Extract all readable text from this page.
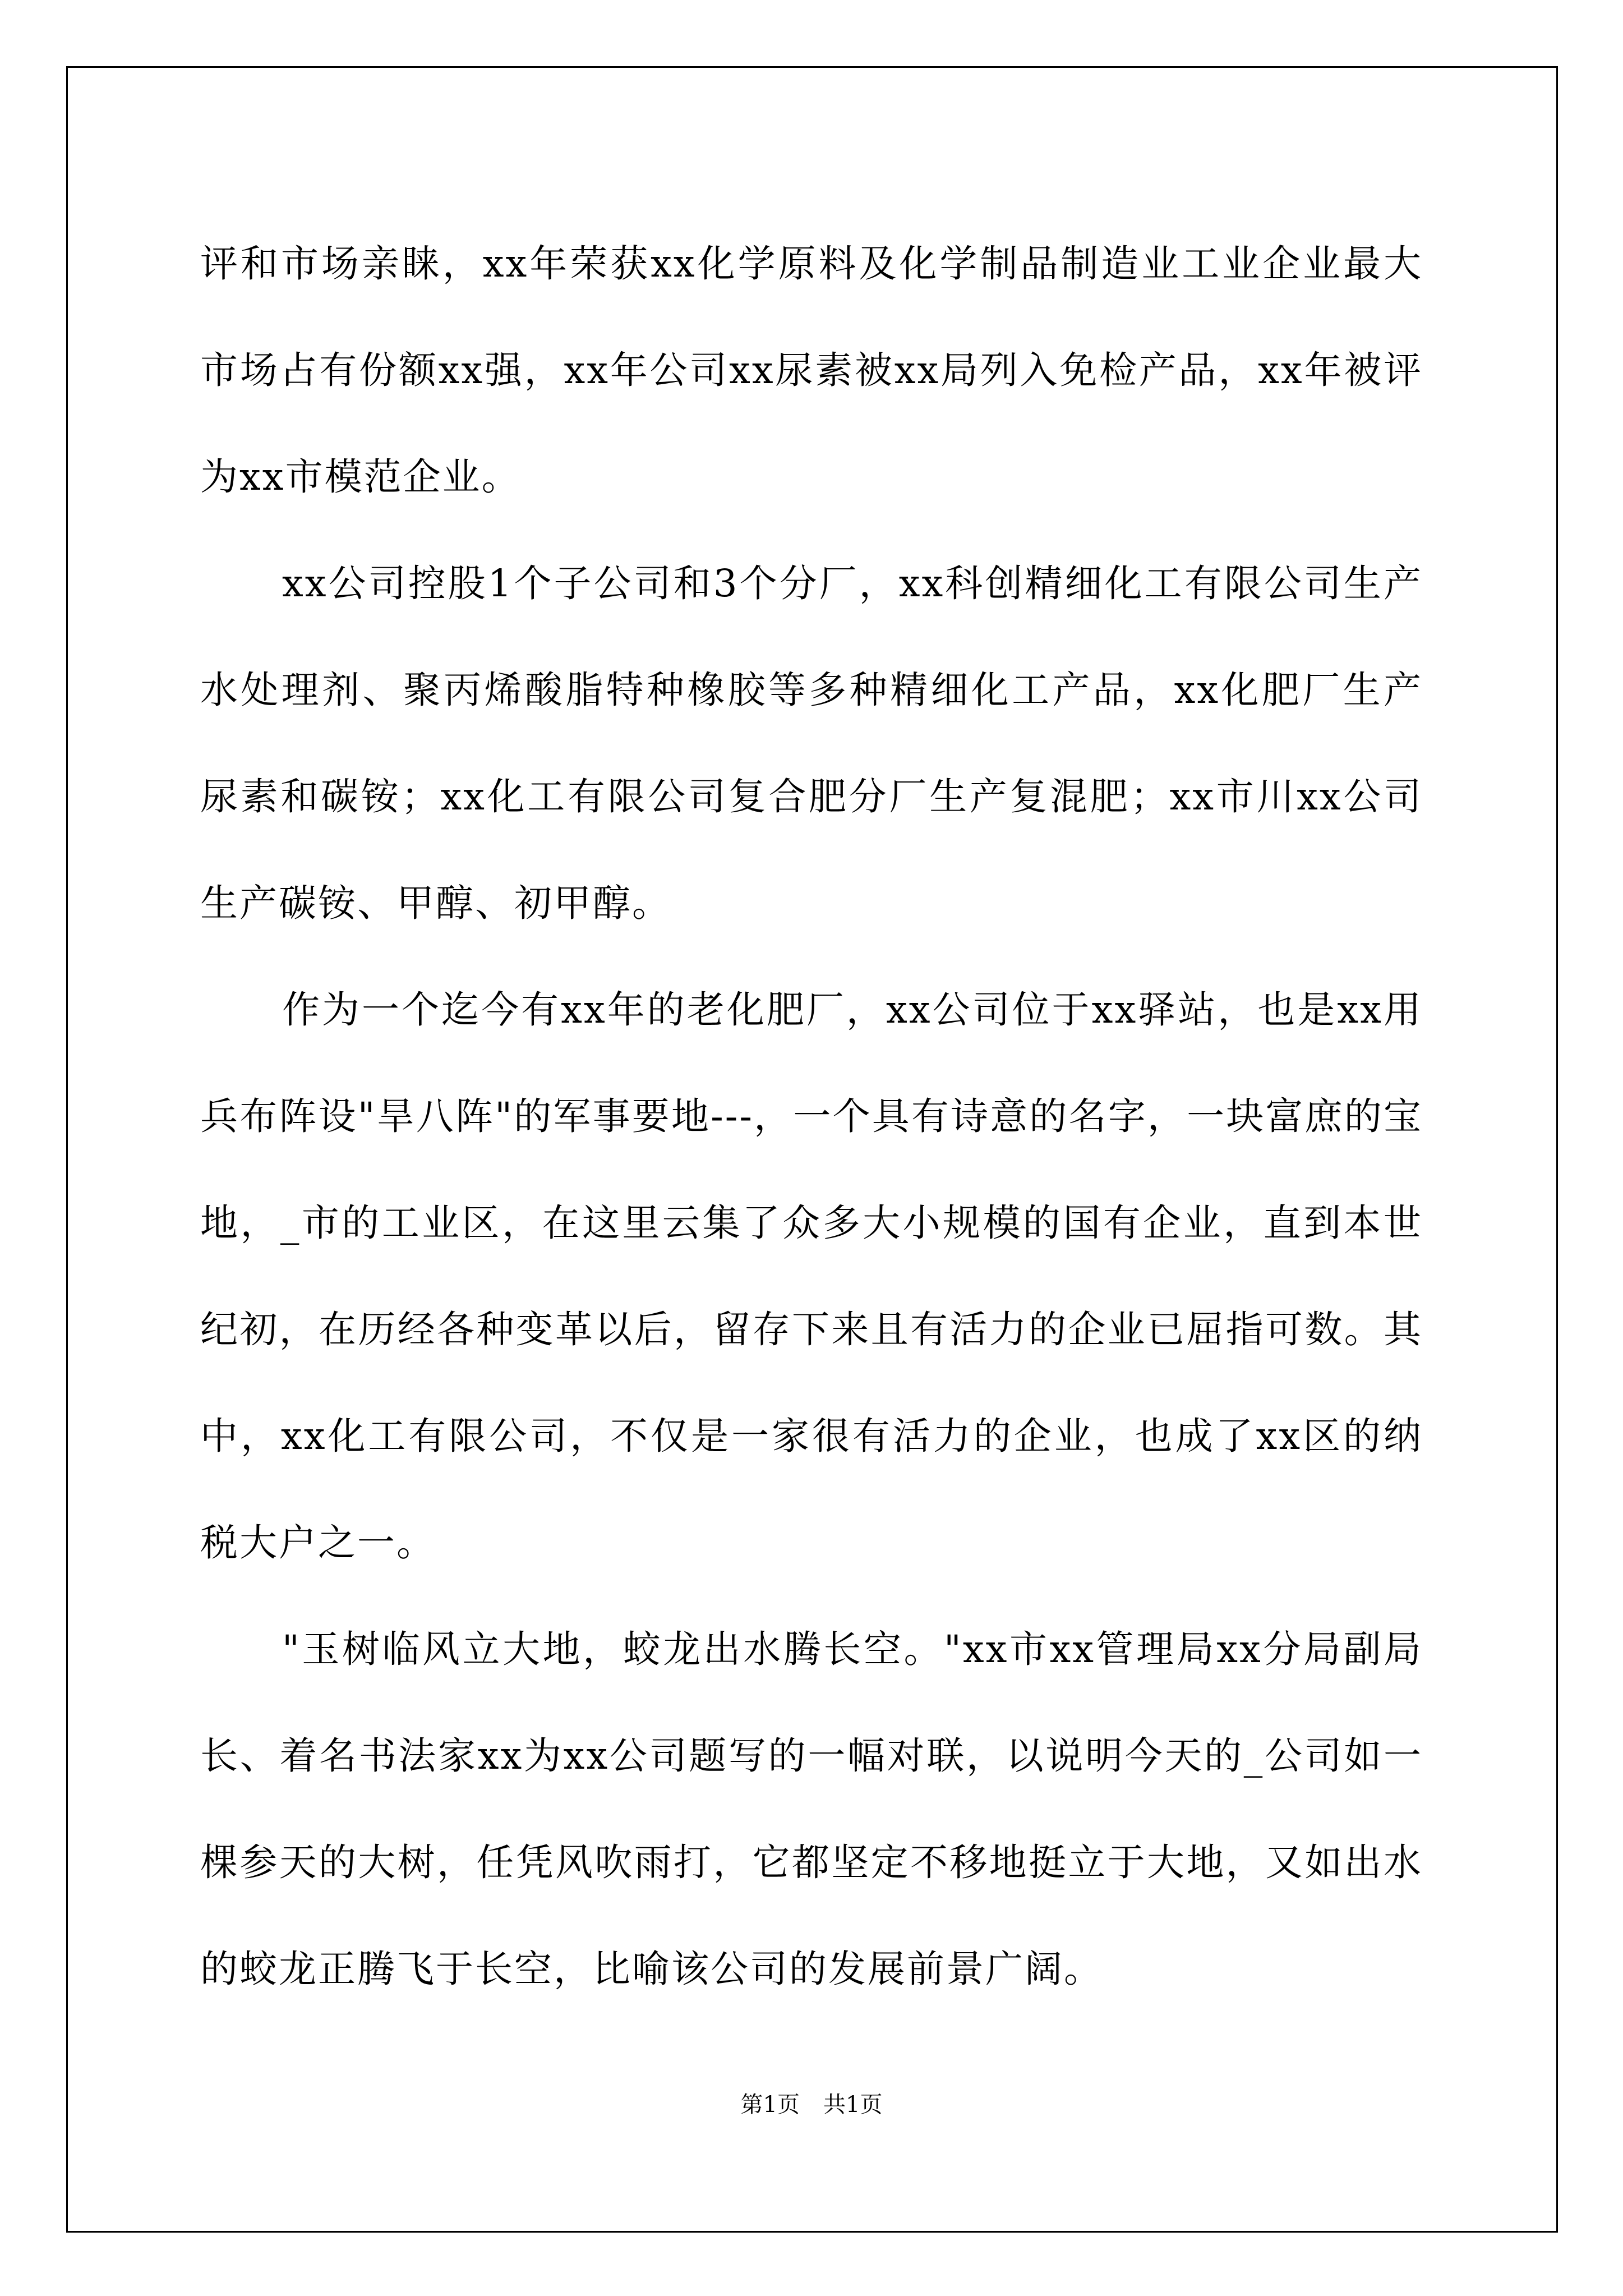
评和市场亲睐，xx年荣获xx化学原料及化学制品制造业工业企业最大市场占有份额xx强，xx年公司xx尿素被xx局列入免检产品，xx年被评为xx市模范企业。

xx公司控股1个子公司和3个分厂，xx科创精细化工有限公司生产水处理剂、聚丙烯酸脂特种橡胶等多种精细化工产品，xx化肥厂生产尿素和碳铵；xx化工有限公司复合肥分厂生产复混肥；xx市川xx公司生产碳铵、甲醇、初甲醇。

作为一个迄今有xx年的老化肥厂，xx公司位于xx驿站，也是xx用兵布阵设"旱八阵"的军事要地---，一个具有诗意的名字，一块富庶的宝地，_市的工业区，在这里云集了众多大小规模的国有企业，直到本世纪初，在历经各种变革以后，留存下来且有活力的企业已屈指可数。其中，xx化工有限公司，不仅是一家很有活力的企业，也成了xx区的纳税大户之一。

"玉树临风立大地，蛟龙出水腾长空。"xx市xx管理局xx分局副局长、着名书法家xx为xx公司题写的一幅对联，以说明今天的_公司如一棵参天的大树，任凭风吹雨打，它都坚定不移地挺立于大地，又如出水的蛟龙正腾飞于长空，比喻该公司的发展前景广阔。

第1页 共1页
